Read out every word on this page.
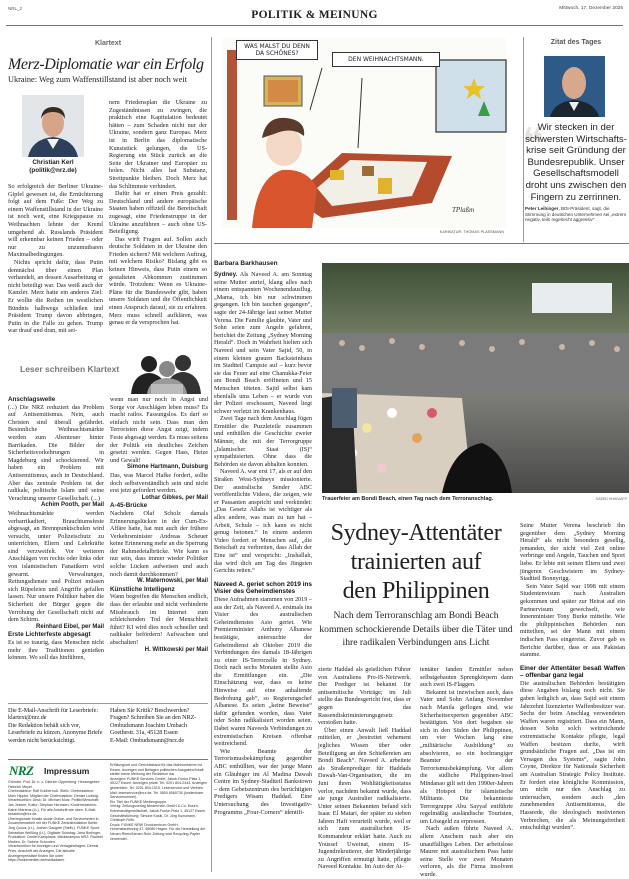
NRL_2
POLITIK & MEINUNG
Mittwoch, 17. Dezember 2025
Klartext
Merz-Diplomatie war ein Erfolg
Ukraine: Weg zum Waffenstillstand ist aber noch weit
Christian Kerl
(politik@nrz.de)

So erfolgreich der Berliner Ukraine-Gipfel gewesen ist, die Ernüchterung folgt auf dem Fuße: Der Weg zu einem Waffenstillstand in der Ukraine ist noch weit, eine Kriegspause zu Weihnachten lehnte der Kreml umgehend ab. Russlands Präsident will erkennbar keinen Frieden – oder nur zu unzumutbaren Maximalbedingungen.

Nichts spricht dafür, dass Putin demnächst über einen Plan verhandelt, an dessen Ausarbeitung er nicht beteiligt war. Das weiß auch der Kanzler. Merz hatte ein anderes Ziel: Er wollte die Reihen im westlichen Bündnis halbwegs schließen und Präsident Trump davon abbringen, Putin in die Falle zu gehen. Trump war drauf und dran, mit sei-

nem Friedensplan die Ukraine zu Zugeständnissen zu zwingen, die praktisch eine Kapitulation bedeutet hätten – zum Schaden nicht nur der Ukraine, sondern ganz Europas. Merz ist in Berlin das diplomatische Kunststück gelungen, die US-Regierung ein Stück zurück an die Seite der Ukrainer und Europäer zu holen. Nicht alles hat Substanz, Streitpunkte bleiben. Doch Merz hat das Schlimmste verhindert.

Dafür hat er einen Preis gezahlt: Deutschland und andere europäische Staaten haben offiziell die Bereitschaft zugesagt, eine Friedenstruppe in der Ukraine anzuführen – auch ohne US-Beteiligung.

Das wirft Fragen auf. Sollen auch deutsche Soldaten in der Ukraine den Frieden sichern? Mit welchem Auftrag, mit welchem Risiko? Bislang gibt es keinen Hinweis, dass Putin einem so gestalteten Abkommen zustimmen würde. Trotzdem: Wenn es Ukraine-Pläne für die Bundeswehr gibt, haben unsere Soldaten und die Öffentlichkeit einen Anspruch darauf, sie zu erfahren. Merz muss schnell aufklären, was genau er da versprochen hat.

Leser schreiben Klartext
Anschlagswelle

(...) Die NRZ reduziert das Problem auf Antisemitismus. Nein, auch Christen sind überall gefährdet. Besinnliche Weihnachtsmärkte werden zum Abenteuer hinter Barrikaden. Die Bilder der Sicherheitsvorkehrungen in Magdeburg sind schockierend. Wir haben ein Problem mit Antisemitismus, auch in Deutschland. Aber das zentrale Problem ist der radikale, politische Islam und seine Verachtung unserer Gesellschaft. (...)

Achim Pooth, per Mail

Weihnachtsmärkte werden verbarrikadiert, Brauchtumsfeste abgesagt, an Brennpunktschulen wird versucht, unter Polizeischutz zu unterrichten, Eltern und Lehrkräfte sind verzweifelt. Vor weiteren Anschlägen von rechts oder links oder von islamistischen Fanatikern wird gewarnt. Verwaltungen, Rettungsdienste und Polizei müssen sich Rüpeleien und Angriffe gefallen lassen. Nur unsere Politiker haben die Sicherheit der Bürger gegen die Verrohung der Gesellschaft nicht auf dem Schirm.

Reinhard Eibel, per Mail

Erste Lichterfeste abgesagt

Es ist so traurig, dass Menschen nicht mehr ihre Traditionen genießen können. Wo soll das hinführen,

wenn man nur noch in Angst und Sorge vor Anschlägen leben muss? Es macht ratlos. Fassungslos. Es darf so einfach nicht sein. Dass man den Terroristen diese Angst zeigt, indem Feste abgesagt werden. Es muss seitens der Politik ein deutliches Zeichen gesetzt werden. Gegen Hass, Hetze und Gewalt!

Simone Hartmann, Duisburg

Das, was Marcel Hafke fordert, sollte doch selbstverständlich sein und nicht erst jetzt gefordert werden.

Lothar Gibkes, per Mail

A-45-Brücke

Nachdem Olaf Scholz damals Erinnerungslücken in der Cum-Ex-Affäre hatte, hat nun auch der frühere Verkehrsminister Andreas Scheuer keine Erinnerung mehr an die Sperrung der Rahmedetalbrücke. Wie kann es nur sein, dass immer wieder Politiker solche Lücken aufweisen und auch noch damit durchkommen?

W. Maternowski, per Mail

Künstliche Intelligenz

Wann begreifen die Menschen endlich, dass der erlaubte und nicht verhinderte Missbrauch im Internet zum schleichenden Tod der Menschheit führt? KI wird dies noch schneller und radikaler befördern! Aufwachen und abschalten!

H. Wittkowski per Mail

Die E-Mail-Anschrift für Leserbriefe: klartext@nrz.de

Die Redaktion behält sich vor, Leserbriefe zu kürzen. Anonyme Briefe werden nicht berücksichtigt.

Haben Sie Kritik? Beschwerden? Fragen? Schreiben Sie an den NRZ-Ombudsmann Joachim Umbach
Goethestr. 31a, 45128 Essen
E-Mail: Ombudsmann@nrz.de
NRZ Impressum

Gründer: Prof. Dr. h. c. Dietrich Oppenberg. Herausgeber: Heinrich Meyer.

Chefredakteur: Ralf Kubbernuß. Stellv. Chefredakteur: Marc Hippler. Mitglied der Chefredaktion: Denise Ludwig. Verantwortlich: Desk: Dr. Michael Mutz; Politik/Wirtschaft: Jan Jessen; Kultur: Stephan Hermsen; Kinderredaktion: Katrin Martens (Lt.). Für alle Anschrift wie oben. E-Mail: redaktion@nrz.de.

Überregionale Inhalte sowie Online- und Serviceseiten in Zusammenarbeit mit der FUNKE Zentralredaktion Berlin: Jörg Quoos (Lt.), Jochen Gaugele (Stellv.). FUNKE Sport: Sebastian Weßling (Lt.). Digitaler Sonntag: Jana Borlinger. Produktion: Daniel Kamphaus. Mediacampus NRZ: Raufeld Medien, Dr. Sabine Schouten.

Verantwortlich für Anzeigen und Verlagsbeilagen: Dennis Pries. Anschrift wie Anzeigen. Die aktuelle Anzeigenpreisliste finden Sie unter https://funkemedien.de/mediadaten.

Erfüllungsort und Gerichtsstand für das Mahnverfahren ist Essen. Anzeigen und Beilagen politischen Ausgaben/Inhalt stellen keine Meinung der Redaktion dar.

Anzeigen: FUNKE Services GmbH, Jakob-Funke-Platz 1, 45127 Essen. Anzeigen privat: Tel. 0201 804-2443. Anzeigen gewerblich: Tel. 0201 804-1515. Leserservice und Vertrieb: Mail: leserservice@nrz.de, Tel. 0800 6060730 (kostenloser Servicenummer).

Ein Titel der FUNKE Mediengruppe.

Verlag: Zeitungsverlag Niederrhein GmbH & Co. Essen, Kommanditgesellschaft, Jakob-Funke-Platz 1, 45127 Essen. Geschäftsführung: Simone Kasik, Dr. Jörg Kunsmann, Christoph Rüth.

Druck: FUNKE NRW Druckzentrum GmbH, Hohenstaufenring 47, 58089 Hagen. Für die Herstellung der Neuen Rhein/Neuen Ruhr Zeitung wird Recycling-Papier verwendet.

WAS MALST DU DENN DA SCHÖNES?
DEN WEIHNACHTSMANN.
TPlaßm
KARIKATUR: THOMAS PLASSMANN
Zitat des Tages
❝
Wir stecken in der schwersten Wirtschafts-krise seit Gründung der Bundesrepublik. Unser Gesellschaftsmodell droht uns zwischen den Fingern zu zerrinnen.
Peter Leibinger, BDI-Präsident, sagt, die Stimmung in deutschen Unternehmen sei „extrem negativ, teils regelrecht aggressiv“.
Barbara Barkhausen

Sydney. Als Naveed A. am Sonntag seine Mutter anrief, klang alles nach einem entspannten Wochenendausflug. „Mama, ich bin nur schwimmen gegangen. Ich bin tauchen gegangen“, sagte der 24-Jährige laut seiner Mutter Verena. Die Familie glaubte, Vater und Sohn seien zum Angeln gefahren, berichtet die Zeitung „Sydney Morning Herald“. Doch in Wahrheit hielten sich Naveed und sein Vater Sajid, 50, in einem kleinen grauen Backsteinhaus im Stadtteil Campsie auf – kurz bevor sie das Feuer auf eine Chanukka-Feier am Bondi Beach eröffneten und 15 Menschen töteten. Sajid selbst kam ebenfalls ums Leben – er wurde von der Polizei erschossen, Naveed liegt schwer verletzt im Krankenhaus.

Zwei Tage nach dem Anschlag fügen Ermittler die Puzzleteile zusammen und enthüllen die Geschichte zweier Männer, die mit der Terrorgruppe „Islamischer Staat (IS)“ sympathisierten. Ohne dass die Behörden sie davon abhalten konnten.

Naveed A. war erst 17, als er auf den Straßen West-Sydneys missionierte. Der australische Sender ABC veröffentlichte Videos, die zeigen, wie er Passanten anspricht und verkündet: „Das Gesetz Allahs ist wichtiger als alles andere, was man zu tun hat – Arbeit, Schule – ich kann es nicht genug betonen.“ In einem anderen Video fordert er Menschen auf, „die Botschaft zu verbreiten, dass Allah der Eine ist“ und verspricht: „Inshallah, das wird dich am Tag des Jüngsten Gerichts retten.“

Naveed A. geriet schon 2019 ins Visier des Geheimdienstes

Diese Aufnahmen stammen von 2019 – aus der Zeit, als Naveed A. erstmals ins Visier des australischen Geheimdienstes Asio geriet. Wie Premierminister Anthony Albanese bestätigte, untersuchte der Geheimdienst ab Oktober 2019 die Verbindungen des damals 18-Jährigen zu einer IS-Terrorzelle in Sydney. Doch nach sechs Monaten stellte Asio die Ermittlungen ein. „Die Einschätzung war, dass es keine Hinweise auf eine anhaltende Bedrohung gab“, so Regierungschef Albanese. Es seien „keine Beweise“ dafür gefunden worden, dass Vater oder Sohn radikalisiert worden seien. Dabei waren Naveeds Verbindungen zu extremistischen Kreisen offenbar weitreichend.

Wie Beamte der Terrorismusbekämpfung gegenüber ABC enthüllten, war der junge Mann ein Gläubiger im Al Madina Dawah Centre im Sydney-Stadtteil Bankstown – dem Gebetszentrum des berüchtigten Predigers Wisam Haddad. Eine Untersuchung des Investigativ-Programms „Four-Corners“ identifi-

Trauerfeier am Bondi Beach, einen Tag nach dem Terroranschlag.	SAEED KHAN/AFP
Sydney-Attentäter
trainierten auf
den Philippinen
Nach dem Terroranschlag am Bondi Beach kommen schockierende Details über die Täter und ihre radikalen Verbindungen ans Licht

zierte Haddad als geistlichen Führer von Australiens Pro-IS-Netzwerk. Der Prediger ist bekannt für antisemitische Vorträge; im Juli stellte das Bundesgericht fest, dass er gegen das Rassendiskriminierungsgesetz verstoßen hatte.

Über einen Anwalt ließ Haddad mitteilen, er „bestreitet vehement jegliches Wissen über oder Beteiligung an den Schießereien am Bondi Beach“. Naveed A. arbeitete als Straßenprediger für Haddads Dawah-Van-Organisation, die im Juni ihren Wohltätigkeitsstatus verlor, nachdem bekannt wurde, dass sie junge Australier radikalisierte. Unter seinen Bekannten befand sich Isaac El Matari, der später zu sieben Jahren Haft verurteilt wurde, weil er sich zum australischen IS-Kommandeur erklärt hatte. Auch zu Youssef Uweinat, einem IS-Jugendrekrutierer, der Minderjährige zu Angriffen ermutigt hatte, pflegte Naveed Kontakte. Im Auto der At-

tentäter fanden Ermittler neben selbstgebauten Sprengkörpern dann auch zwei IS-Flaggen.

Bekannt ist inzwischen auch, dass Vater und Sohn Anfang November nach Manila geflogen sind, wie Sicherheitsexperten gegenüber ABC bestätigten. Von dort begaben sie sich in den Süden der Philippinen, um vier Wochen lang eine „militärische Ausbildung“ zu absolvieren, so ein hochrangiger Beamter der Terrorismusbekämpfung. Vor allem die südliche Philippinen-Insel Mindanao gilt seit den 1990er-Jahren als Hotspot für islamistische Militante. Die bekannteste Terrorgruppe Abu Sayyaf entführte regelmäßig ausländische Touristen, um Lösegeld zu erpressen.

Nach außen führte Naveed A. allem Anschein nach aber ein unauffälliges Leben. Der arbeitslose Maurer mit australischem Pass hatte seine Stelle vor zwei Monaten verloren, als die Firma insolvent wurde.

Seine Mutter Verena beschrieb ihn gegenüber dem „Sydney Morning Herald“ als nicht besonders gesellig, jemanden, der nicht viel Zeit online verbringe und Angeln, Tauchen und Sport liebe. Er lebte mit seinen Eltern und zwei jüngeren Geschwistern im Sydney-Stadtteil Bonnyrigg.

Sein Vater Sajid war 1998 mit einem Studentenvisum nach Australien gekommen und später zur Heirat auf ein Partnervisum gewechselt, wie Innenminister Tony Burke mitteilte. Wie die philippinischen Behörden nun mitteilten, sei der Mann mit einem indischen Pass eingereist. Zuvor gab es Berichte darüber, dass er aus Pakistan stamme.

Einer der Attentäter besaß Waffen – offenbar ganz legal

Die australischen Behörden bestätigten diese Angaben bislang noch nicht. Sie gaben lediglich an, dass Sajid seit einem Jahrzehnt lizenzierter Waffenbesitzer war. Sechs der beim Anschlag verwendeten Waffen waren registriert. Dass ein Mann, dessen Sohn solch weitreichende extremistische Kontakte pflegte, legal Waffen besitzen durfte, wirft grundsätzliche Fragen auf. „Das ist ein Versagen des Systems“, sagte John Coyne, Direktor für Nationale Sicherheit am Australian Strategic Policy Institute. Er fordert eine königliche Kommission, um nicht nur den Anschlag zu untersuchen, sondern auch „den zunehmenden Antisemitismus, die Hassrede, die ideologisch motivierten Verbrechen, die als Meinungsfreiheit entschuldigt wurden“.
